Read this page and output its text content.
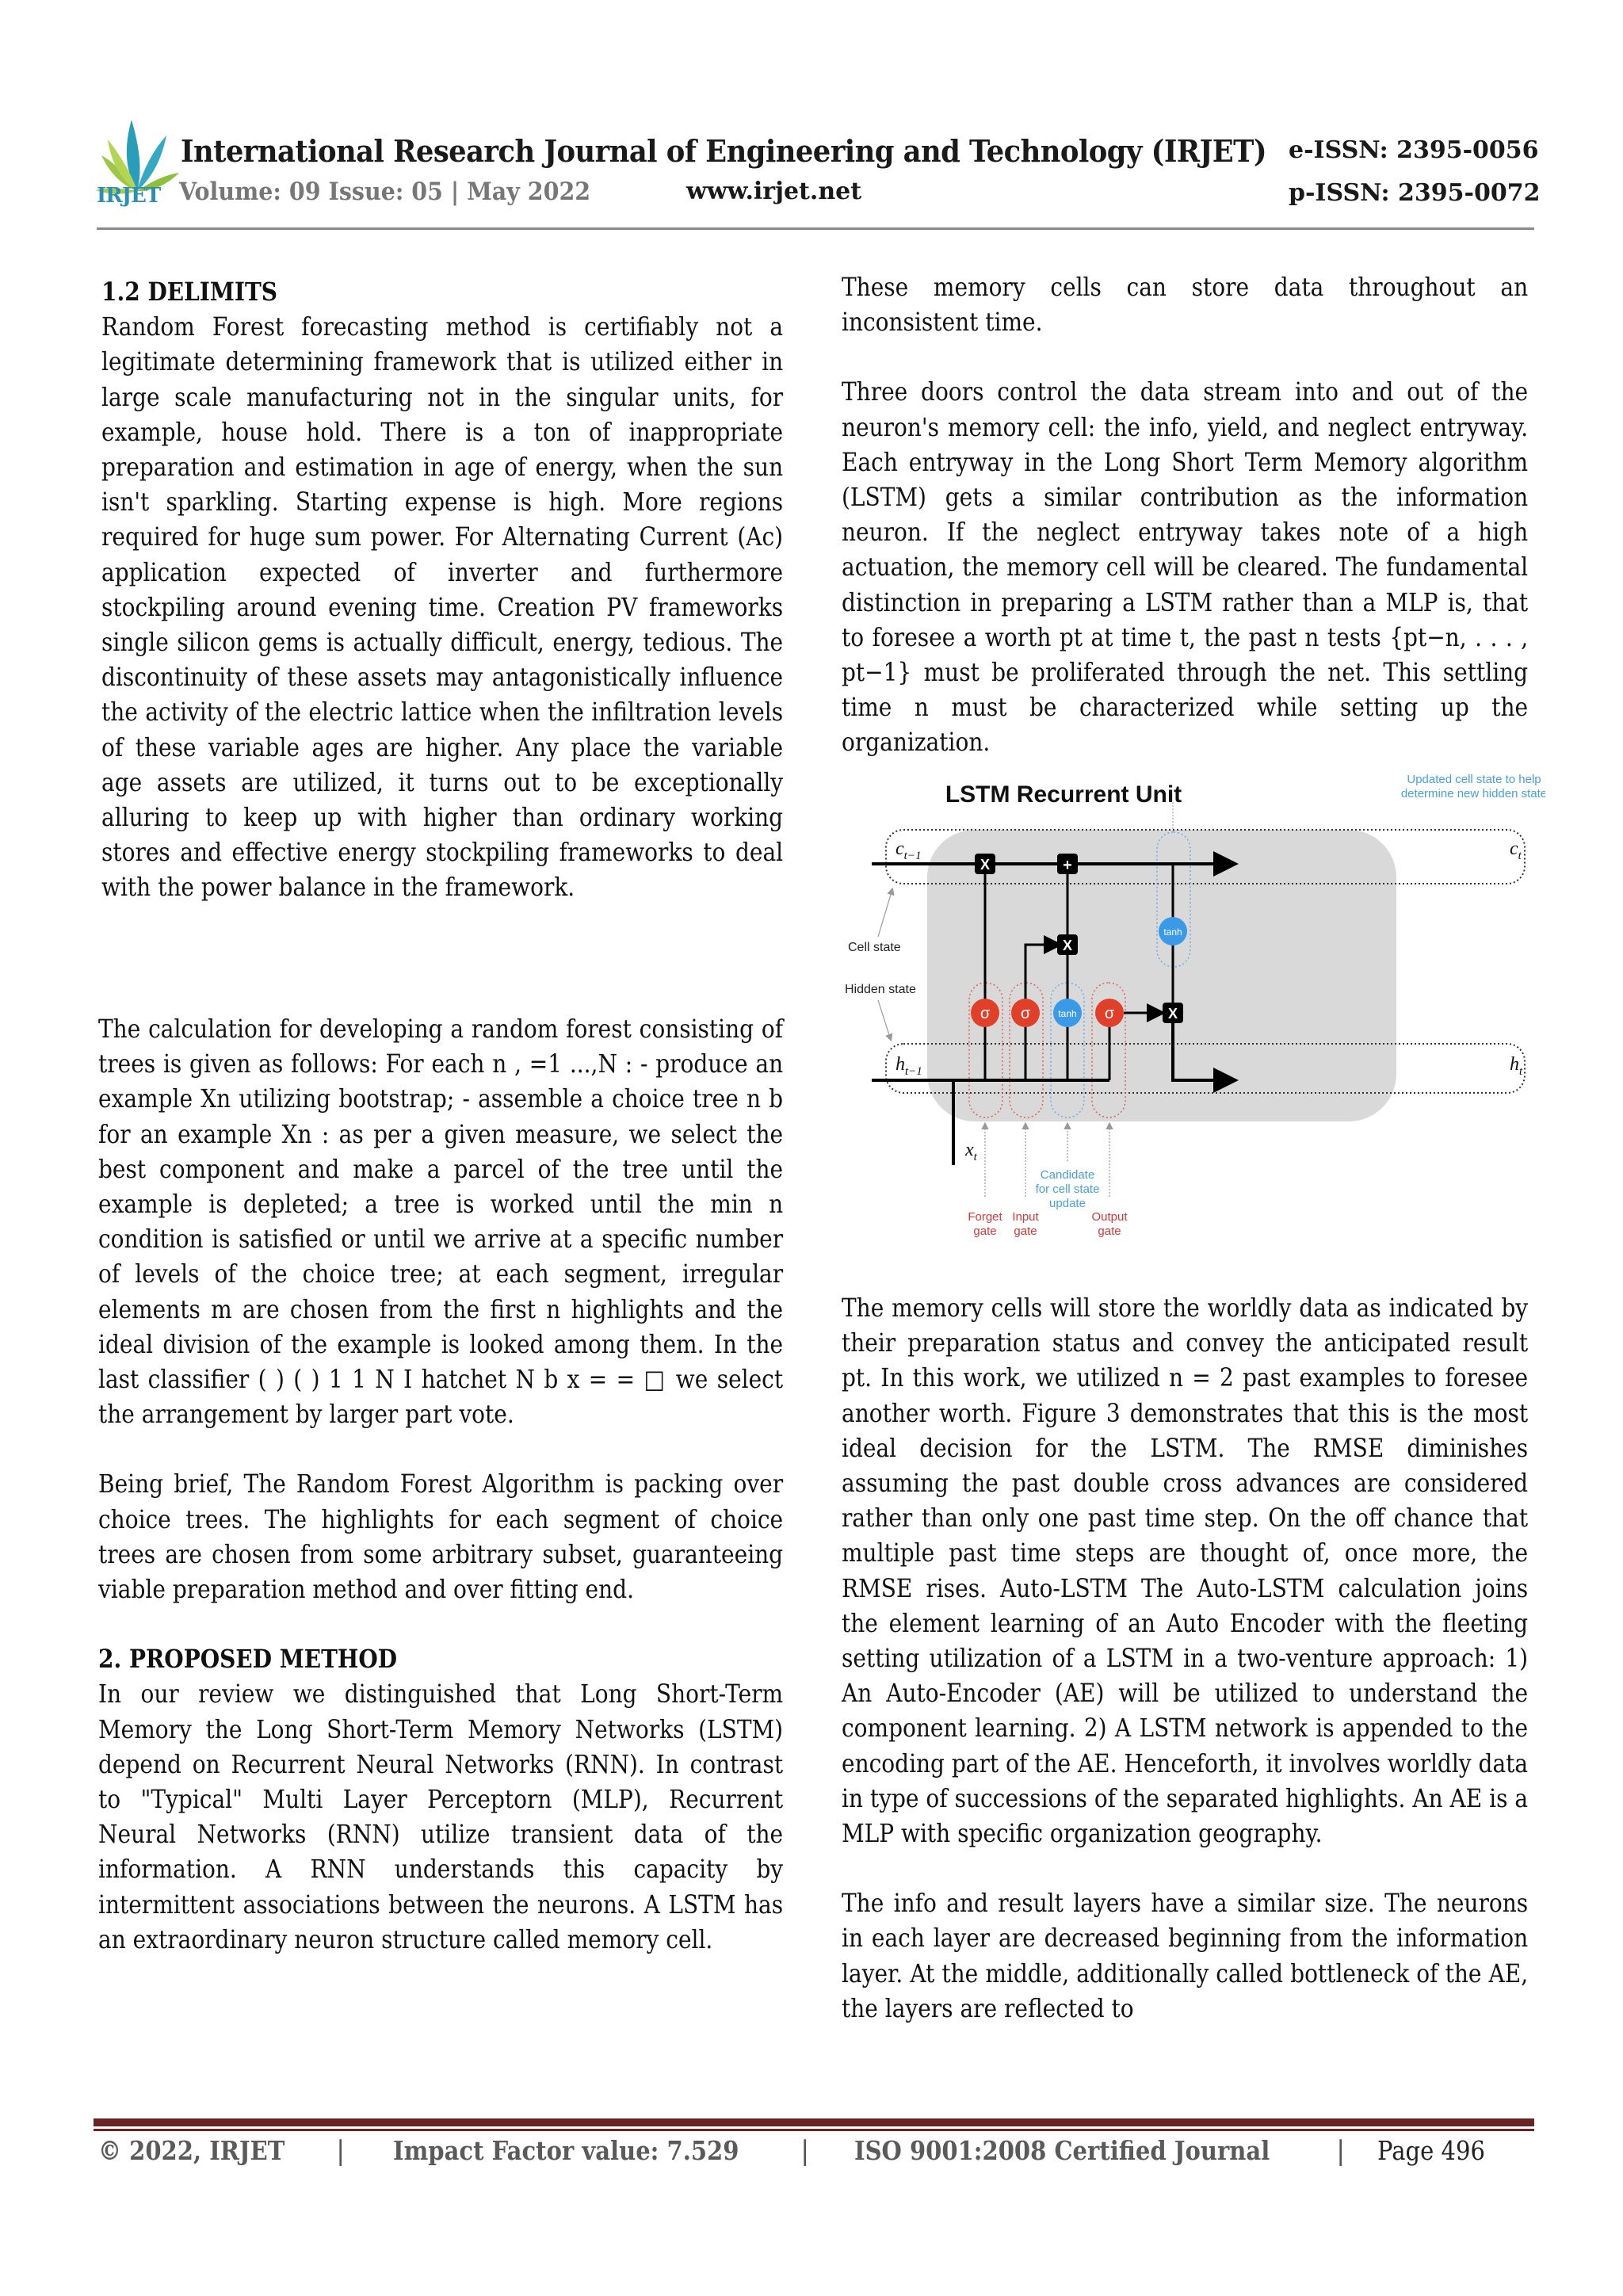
IRJET
International Research Journal of Engineering and Technology (IRJET) e-ISSN: 2395-0056
Volume: 09 Issue: 05 | May 2022	www.irjet.net	p-ISSN: 2395-0072

1.2 DELIMITS

Random Forest forecasting method is certifiably not a legitimate determining framework that is utilized either in large scale manufacturing not in the singular units, for example, house hold. There is a ton of inappropriate preparation and estimation in age of energy, when the sun isn't sparkling. Starting expense is high. More regions required for huge sum power. For Alternating Current (Ac) application expected of inverter and furthermore stockpiling around evening time. Creation PV frameworks single silicon gems is actually difficult, energy, tedious. The discontinuity of these assets may antagonistically influence the activity of the electric lattice when the infiltration levels of these variable ages are higher. Any place the variable age assets are utilized, it turns out to be exceptionally alluring to keep up with higher than ordinary working stores and effective energy stockpiling frameworks to deal with the power balance in the framework.

The calculation for developing a random forest consisting of trees is given as follows: For each n , =1 ...,N : - produce an example Xn utilizing bootstrap; - assemble a choice tree n b for an example Xn : as per a given measure, we select the best component and make a parcel of the tree until the example is depleted; a tree is worked until the min n condition is satisfied or until we arrive at a specific number of levels of the choice tree; at each segment, irregular elements m are chosen from the first n highlights and the ideal division of the example is looked among them. In the last classifier ( ) ( ) 1 1 N I hatchet N b x = = □ we select the arrangement by larger part vote.

Being brief, The Random Forest Algorithm is packing over choice trees. The highlights for each segment of choice trees are chosen from some arbitrary subset, guaranteeing viable preparation method and over fitting end.

2. PROPOSED METHOD

In our review we distinguished that Long Short-Term Memory the Long Short-Term Memory Networks (LSTM) depend on Recurrent Neural Networks (RNN). In contrast to "Typical" Multi Layer Perceptorn (MLP), Recurrent Neural Networks (RNN) utilize transient data of the information. A RNN understands this capacity by intermittent associations between the neurons. A LSTM has an extraordinary neuron structure called memory cell.

These memory cells can store data throughout an inconsistent time.

Three doors control the data stream into and out of the neuron's memory cell: the info, yield, and neglect entryway. Each entryway in the Long Short Term Memory algorithm (LSTM) gets a similar contribution as the information neuron. If the neglect entryway takes note of a high actuation, the memory cell will be cleared. The fundamental distinction in preparing a LSTM rather than a MLP is, that to foresee a worth pt at time t, the past n tests {pt−n, . . . , pt−1} must be proliferated through the net. This settling time n must be characterized while setting up the organization.

LSTM Recurrent Unit
Updated cell state to help
determine new hidden state
X	+
X
X
σ σ	tanh σ
tanh
$c_{t-1}$	$c_t$
$h_{t-1}$	$h_t$
$x_t$
Cell state
Hidden state
Forget gate
Input gate
Candidate for cell state update
Output gate

The memory cells will store the worldly data as indicated by their preparation status and convey the anticipated result pt. In this work, we utilized n = 2 past examples to foresee another worth. Figure 3 demonstrates that this is the most ideal decision for the LSTM. The RMSE diminishes assuming the past double cross advances are considered rather than only one past time step. On the off chance that multiple past time steps are thought of, once more, the RMSE rises. Auto-LSTM The Auto-LSTM calculation joins the element learning of an Auto Encoder with the fleeting setting utilization of a LSTM in a two-venture approach: 1) An Auto-Encoder (AE) will be utilized to understand the component learning. 2) A LSTM network is appended to the encoding part of the AE. Henceforth, it involves worldly data in type of successions of the separated highlights. An AE is a MLP with specific organization geography.

The info and result layers have a similar size. The neurons in each layer are decreased beginning from the information layer. At the middle, additionally called bottleneck of the AE, the layers are reflected to

© 2022, IRJET | Impact Factor value: 7.529 | ISO 9001:2008 Certified Journal | Page 496
